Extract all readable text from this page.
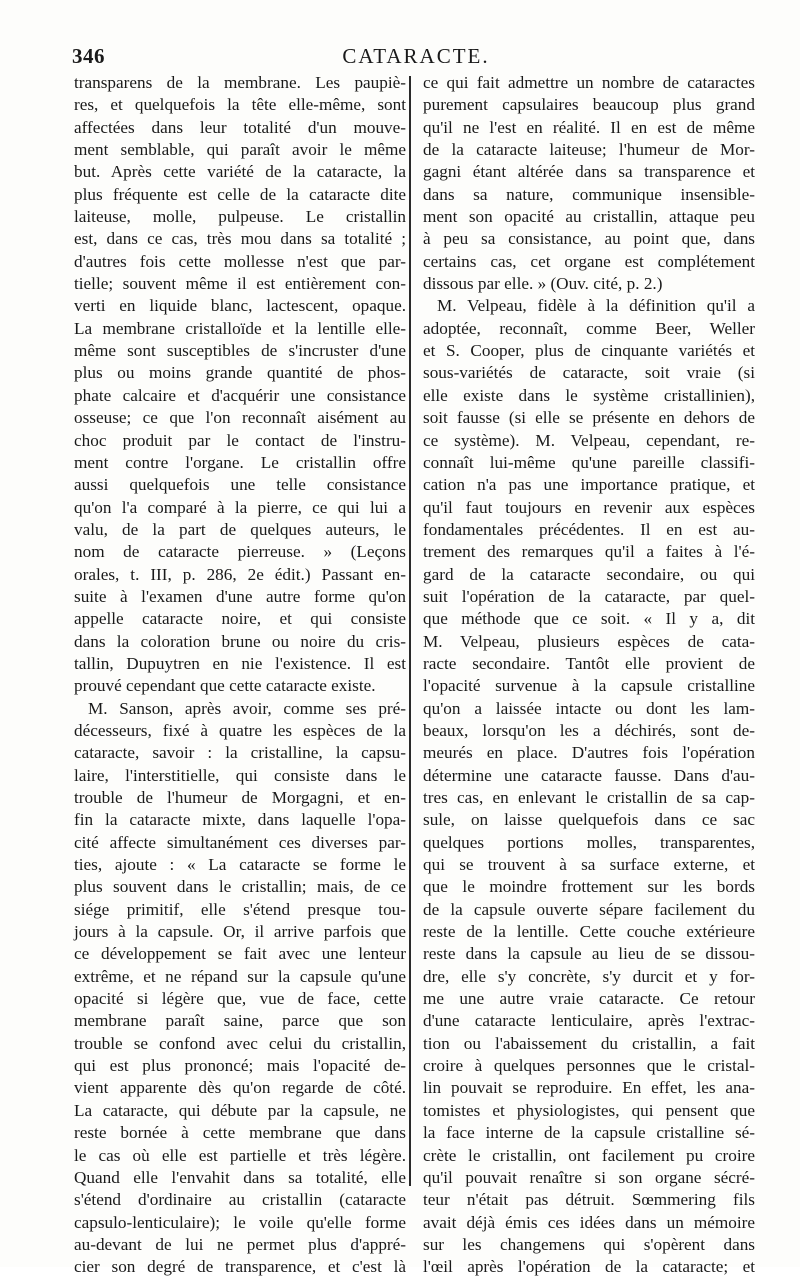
346	CATARACTE.
transparens de la membrane. Les paupiè-
res, et quelquefois la tête elle-même, sont
affectées dans leur totalité d'un mouve-
ment semblable, qui paraît avoir le même
but. Après cette variété de la cataracte, la
plus fréquente est celle de la cataracte dite
laiteuse, molle, pulpeuse. Le cristallin
est, dans ce cas, très mou dans sa totalité ;
d'autres fois cette mollesse n'est que par-
tielle; souvent même il est entièrement con-
verti en liquide blanc, lactescent, opaque.
La membrane cristalloïde et la lentille elle-
même sont susceptibles de s'incruster d'une
plus ou moins grande quantité de phos-
phate calcaire et d'acquérir une consistance
osseuse; ce que l'on reconnaît aisément au
choc produit par le contact de l'instru-
ment contre l'organe. Le cristallin offre
aussi quelquefois une telle consistance
qu'on l'a comparé à la pierre, ce qui lui a
valu, de la part de quelques auteurs, le
nom de cataracte pierreuse. » (Leçons
orales, t. III, p. 286, 2e édit.) Passant en-
suite à l'examen d'une autre forme qu'on
appelle cataracte noire, et qui consiste
dans la coloration brune ou noire du cris-
tallin, Dupuytren en nie l'existence. Il est
prouvé cependant que cette cataracte existe.
M. Sanson, après avoir, comme ses pré-
décesseurs, fixé à quatre les espèces de la
cataracte, savoir : la cristalline, la capsu-
laire, l'interstitielle, qui consiste dans le
trouble de l'humeur de Morgagni, et en-
fin la cataracte mixte, dans laquelle l'opa-
cité affecte simultanément ces diverses par-
ties, ajoute : « La cataracte se forme le
plus souvent dans le cristallin; mais, de ce
siége primitif, elle s'étend presque tou-
jours à la capsule. Or, il arrive parfois que
ce développement se fait avec une lenteur
extrême, et ne répand sur la capsule qu'une
opacité si légère que, vue de face, cette
membrane paraît saine, parce que son
trouble se confond avec celui du cristallin,
qui est plus prononcé; mais l'opacité de-
vient apparente dès qu'on regarde de côté.
La cataracte, qui débute par la capsule, ne
reste bornée à cette membrane que dans
le cas où elle est partielle et très légère.
Quand elle l'envahit dans sa totalité, elle
s'étend d'ordinaire au cristallin (cataracte
capsulo-lenticulaire); le voile qu'elle forme
au-devant de lui ne permet plus d'appré-
cier son degré de transparence, et c'est là
ce qui fait admettre un nombre de cataractes
purement capsulaires beaucoup plus grand
qu'il ne l'est en réalité. Il en est de même
de la cataracte laiteuse; l'humeur de Mor-
gagni étant altérée dans sa transparence et
dans sa nature, communique insensible-
ment son opacité au cristallin, attaque peu
à peu sa consistance, au point que, dans
certains cas, cet organe est complétement
dissous par elle. » (Ouv. cité, p. 2.)
M. Velpeau, fidèle à la définition qu'il a
adoptée, reconnaît, comme Beer, Weller
et S. Cooper, plus de cinquante variétés et
sous-variétés de cataracte, soit vraie (si
elle existe dans le système cristallinien),
soit fausse (si elle se présente en dehors de
ce système). M. Velpeau, cependant, re-
connaît lui-même qu'une pareille classifi-
cation n'a pas une importance pratique, et
qu'il faut toujours en revenir aux espèces
fondamentales précédentes. Il en est au-
trement des remarques qu'il a faites à l'é-
gard de la cataracte secondaire, ou qui
suit l'opération de la cataracte, par quel-
que méthode que ce soit. « Il y a, dit
M. Velpeau, plusieurs espèces de cata-
racte secondaire. Tantôt elle provient de
l'opacité survenue à la capsule cristalline
qu'on a laissée intacte ou dont les lam-
beaux, lorsqu'on les a déchirés, sont de-
meurés en place. D'autres fois l'opération
détermine une cataracte fausse. Dans d'au-
tres cas, en enlevant le cristallin de sa cap-
sule, on laisse quelquefois dans ce sac
quelques portions molles, transparentes,
qui se trouvent à sa surface externe, et
que le moindre frottement sur les bords
de la capsule ouverte sépare facilement du
reste de la lentille. Cette couche extérieure
reste dans la capsule au lieu de se dissou-
dre, elle s'y concrète, s'y durcit et y for-
me une autre vraie cataracte. Ce retour
d'une cataracte lenticulaire, après l'extrac-
tion ou l'abaissement du cristallin, a fait
croire à quelques personnes que le cristal-
lin pouvait se reproduire. En effet, les ana-
tomistes et physiologistes, qui pensent que
la face interne de la capsule cristalline sé-
crète le cristallin, ont facilement pu croire
qu'il pouvait renaître si son organe sécré-
teur n'était pas détruit. Sœmmering fils
avait déjà émis ces idées dans un mémoire
sur les changemens qui s'opèrent dans
l'œil après l'opération de la cataracte; et
